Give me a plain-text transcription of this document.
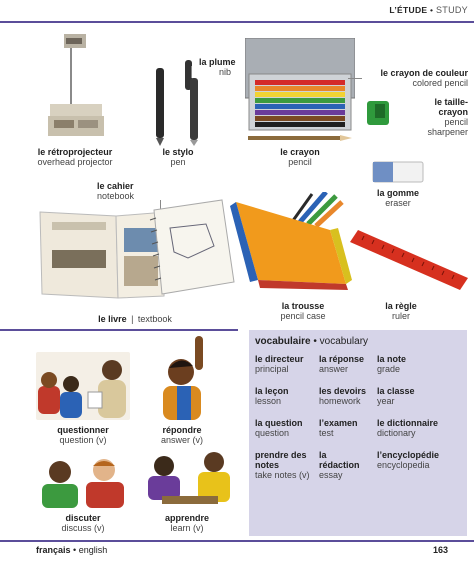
L’ÉTUDE • STUDY
le rétroprojecteur
overhead projector
la plume
nib
le stylo
pen
le crayon de couleur
colored pencil
le crayon
pencil
le taille-
crayon
pencil
sharpener
la gomme
eraser
le cahier
notebook
le livre | textbook
la trousse
pencil case
la règle
ruler
questionner
question (v)
répondre
answer (v)
discuter
discuss (v)
apprendre
learn (v)
vocabulaire • vocabulary
le directeur
principal
la réponse
answer
la note
grade
la leçon
lesson
les devoirs
homework
la classe
year
la question
question
l’examen
test
le dictionnaire
dictionary
prendre des notes
take notes (v)
la rédaction
essay
l’encyclopédie
encyclopedia
français • english	163
